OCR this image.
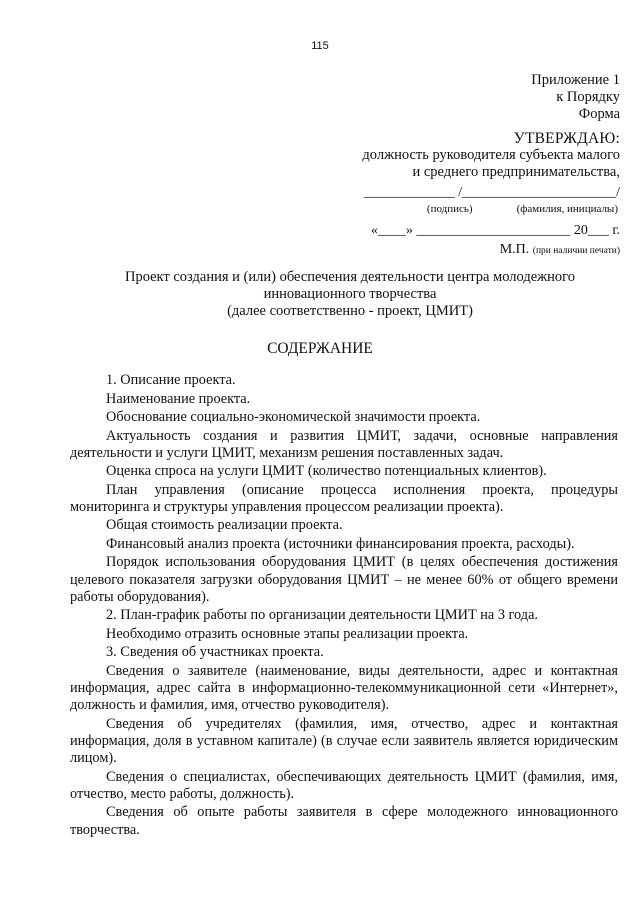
115
Приложение 1
к Порядку
Форма
УТВЕРЖДАЮ:
должность руководителя субъекта малого
и среднего предпринимательства,
_____________ /______________________/
(подпись)	(фамилия, инициалы)
«____» ______________________ 20___ г.
М.П. (при наличии печати)
Проект создания и (или) обеспечения деятельности центра молодежного
инновационного творчества
(далее соответственно - проект, ЦМИТ)
СОДЕРЖАНИЕ

1. Описание проекта.

Наименование проекта.

Обоснование социально-экономической значимости проекта.

Актуальность создания и развития ЦМИТ, задачи, основные направления деятельности и услуги ЦМИТ, механизм решения поставленных задач.

Оценка спроса на услуги ЦМИТ (количество потенциальных клиентов).

План управления (описание процесса исполнения проекта, процедуры мониторинга и структуры управления процессом реализации проекта).

Общая стоимость реализации проекта.

Финансовый анализ проекта (источники финансирования проекта, расходы).

Порядок использования оборудования ЦМИТ (в целях обеспечения достижения целевого показателя загрузки оборудования ЦМИТ – не менее 60% от общего времени работы оборудования).

2. План-график работы по организации деятельности ЦМИТ на 3 года.

Необходимо отразить основные этапы реализации проекта.

3. Сведения об участниках проекта.

Сведения о заявителе (наименование, виды деятельности, адрес и контактная информация, адрес сайта в информационно-телекоммуникационной сети «Интернет», должность и фамилия, имя, отчество руководителя).

Сведения об учредителях (фамилия, имя, отчество, адрес и контактная информация, доля в уставном капитале) (в случае если заявитель является юридическим лицом).

Сведения о специалистах, обеспечивающих деятельность ЦМИТ (фамилия, имя, отчество, место работы, должность).

Сведения об опыте работы заявителя в сфере молодежного инновационного творчества.
